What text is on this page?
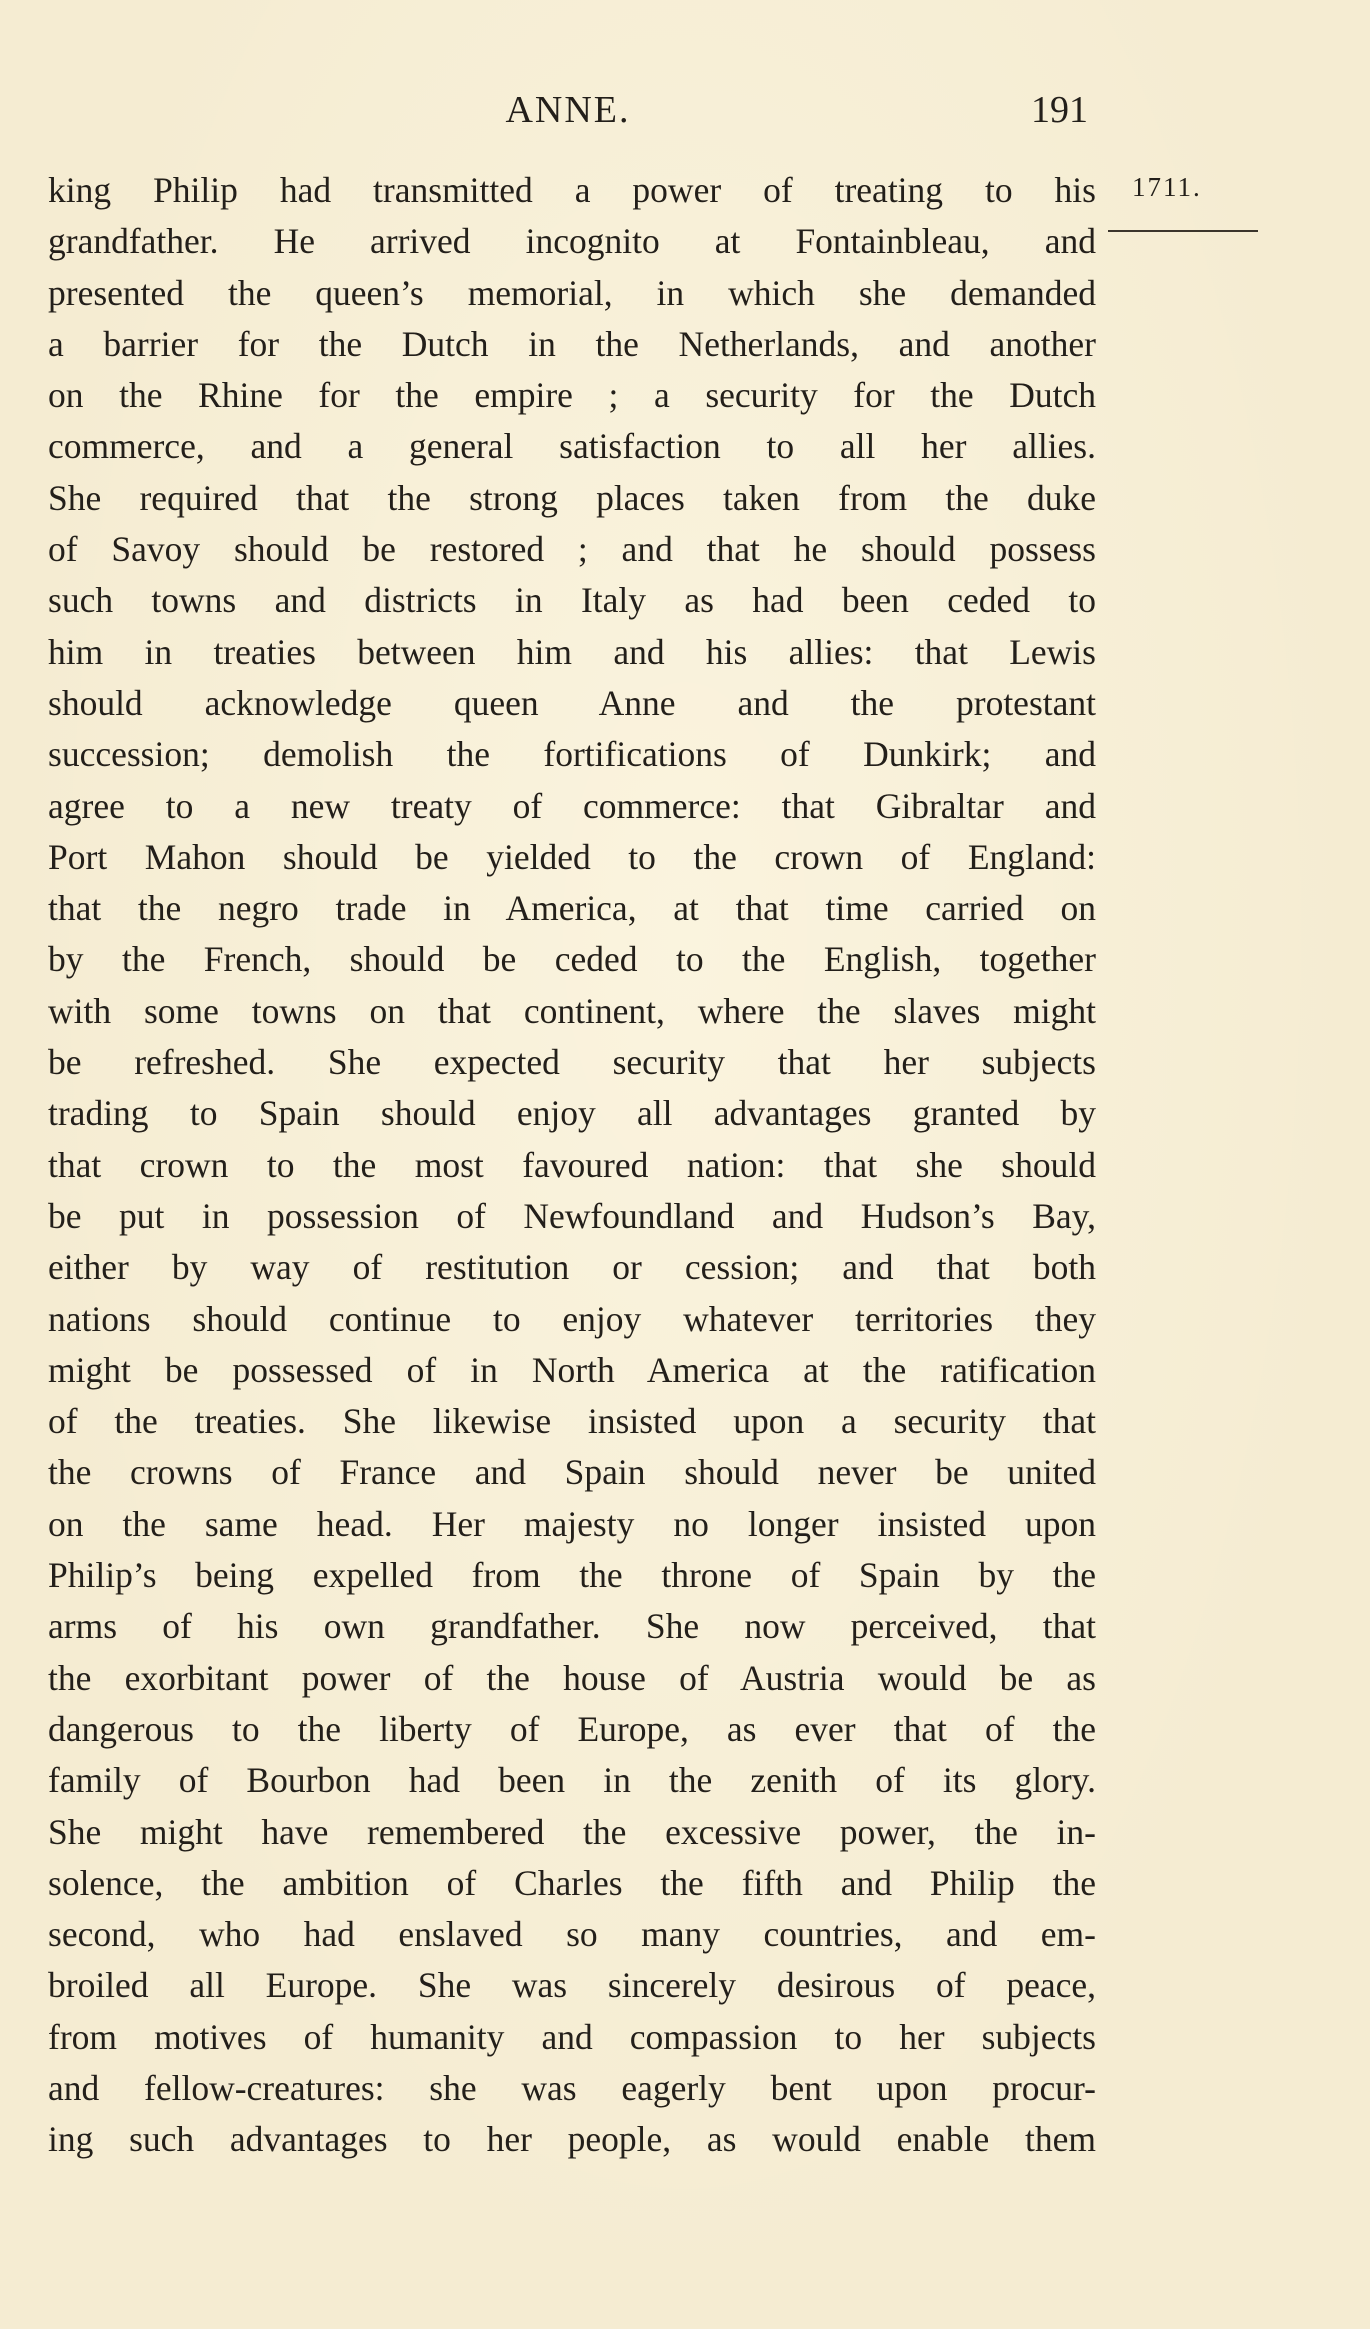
ANNE.	191
1711.
king Philip had transmitted a power of treating to his
grandfather. He arrived incognito at Fontainbleau, and
presented the queen’s memorial, in which she demanded
a barrier for the Dutch in the Netherlands, and another
on the Rhine for the empire ; a security for the Dutch
commerce, and a general satisfaction to all her allies.
She required that the strong places taken from the duke
of Savoy should be restored ; and that he should possess
such towns and districts in Italy as had been ceded to
him in treaties between him and his allies: that Lewis
should acknowledge queen Anne and the protestant
succession; demolish the fortifications of Dunkirk; and
agree to a new treaty of commerce: that Gibraltar and
Port Mahon should be yielded to the crown of England:
that the negro trade in America, at that time carried on
by the French, should be ceded to the English, together
with some towns on that continent, where the slaves might
be refreshed. She expected security that her subjects
trading to Spain should enjoy all advantages granted by
that crown to the most favoured nation: that she should
be put in possession of Newfoundland and Hudson’s Bay,
either by way of restitution or cession; and that both
nations should continue to enjoy whatever territories they
might be possessed of in North America at the ratification
of the treaties. She likewise insisted upon a security that
the crowns of France and Spain should never be united
on the same head. Her majesty no longer insisted upon
Philip’s being expelled from the throne of Spain by the
arms of his own grandfather. She now perceived, that
the exorbitant power of the house of Austria would be as
dangerous to the liberty of Europe, as ever that of the
family of Bourbon had been in the zenith of its glory.
She might have remembered the excessive power, the in-
solence, the ambition of Charles the fifth and Philip the
second, who had enslaved so many countries, and em-
broiled all Europe. She was sincerely desirous of peace,
from motives of humanity and compassion to her subjects
and fellow-creatures: she was eagerly bent upon procur-
ing such advantages to her people, as would enable them
